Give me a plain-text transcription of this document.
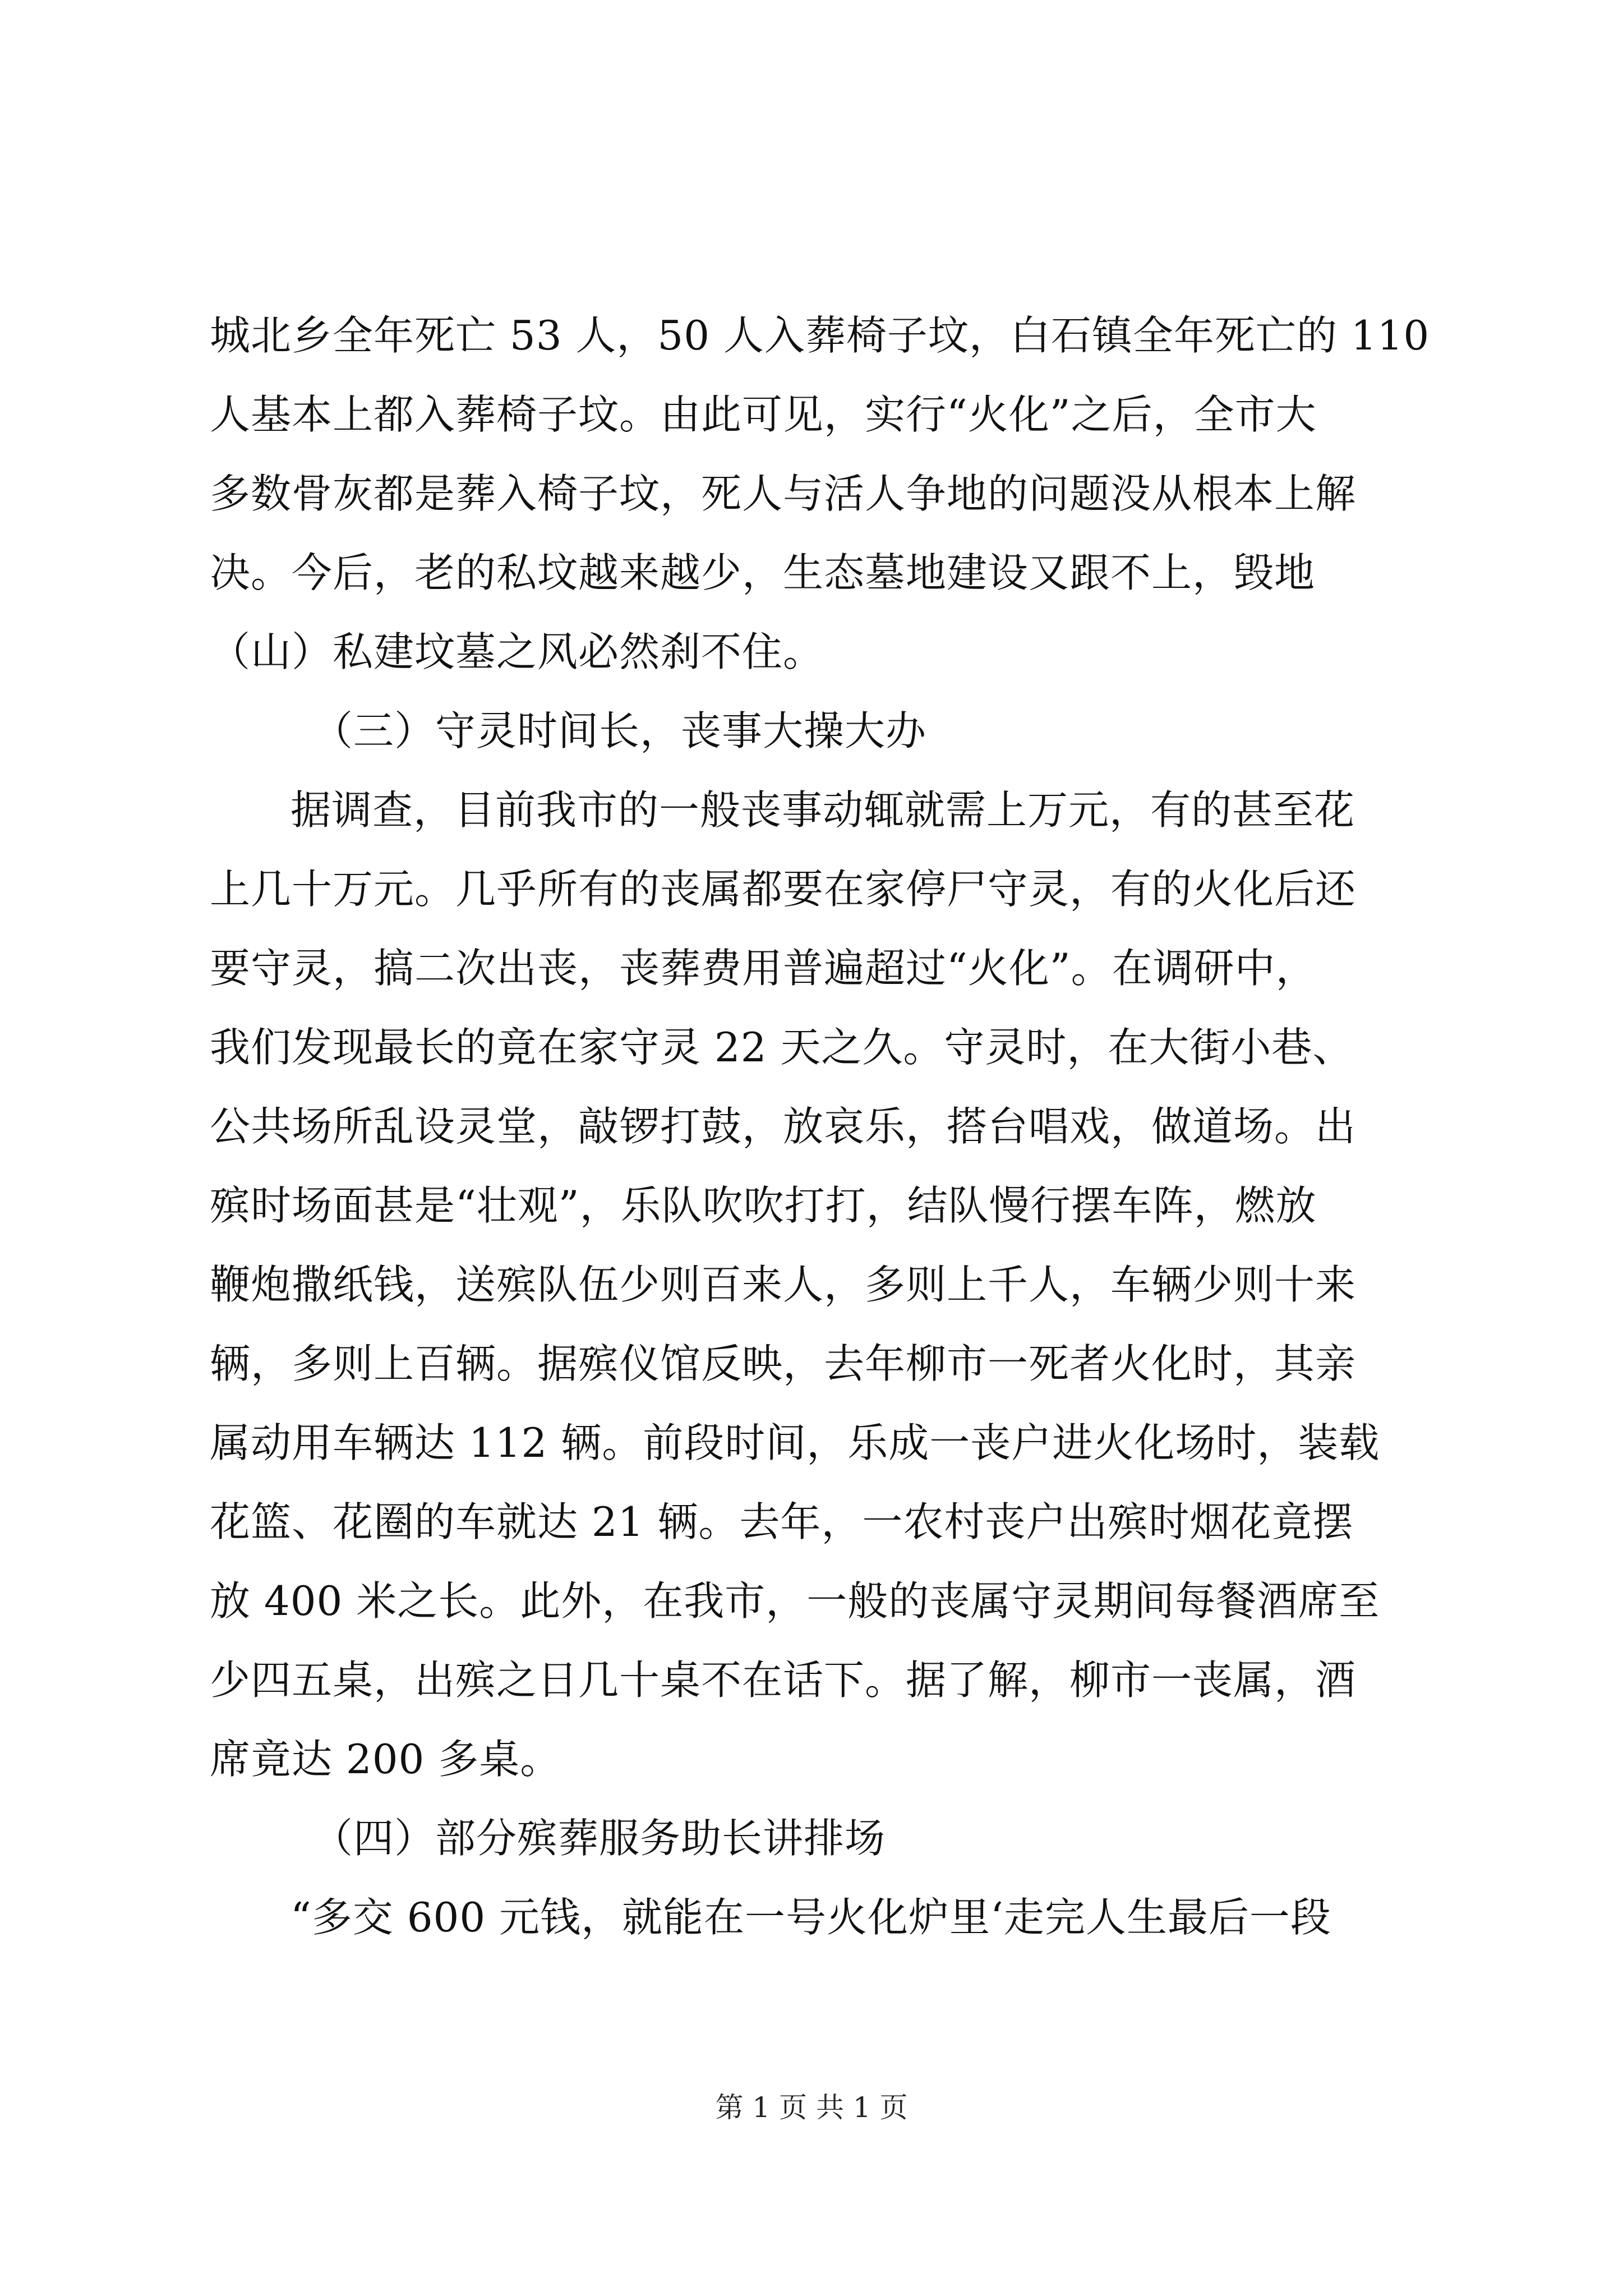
城北乡全年死亡 53 人，50 人入葬椅子坟，白石镇全年死亡的 110
人基本上都入葬椅子坟。由此可见，实行“火化”之后，全市大
多数骨灰都是葬入椅子坟，死人与活人争地的问题没从根本上解
决。今后，老的私坟越来越少，生态墓地建设又跟不上，毁地
（山）私建坟墓之风必然刹不住。
（三）守灵时间长，丧事大操大办
据调查，目前我市的一般丧事动辄就需上万元，有的甚至花
上几十万元。几乎所有的丧属都要在家停尸守灵，有的火化后还
要守灵，搞二次出丧，丧葬费用普遍超过“火化”。在调研中，
我们发现最长的竟在家守灵 22 天之久。守灵时，在大街小巷、
公共场所乱设灵堂，敲锣打鼓，放哀乐，搭台唱戏，做道场。出
殡时场面甚是“壮观”，乐队吹吹打打，结队慢行摆车阵，燃放
鞭炮撒纸钱，送殡队伍少则百来人，多则上千人，车辆少则十来
辆，多则上百辆。据殡仪馆反映，去年柳市一死者火化时，其亲
属动用车辆达 112 辆。前段时间，乐成一丧户进火化场时，装载
花篮、花圈的车就达 21 辆。去年，一农村丧户出殡时烟花竟摆
放 400 米之长。此外，在我市，一般的丧属守灵期间每餐酒席至
少四五桌，出殡之日几十桌不在话下。据了解，柳市一丧属，酒
席竟达 200 多桌。
（四）部分殡葬服务助长讲排场
“多交 600 元钱，就能在一号火化炉里‘走完人生最后一段
第 1 页 共 1 页
